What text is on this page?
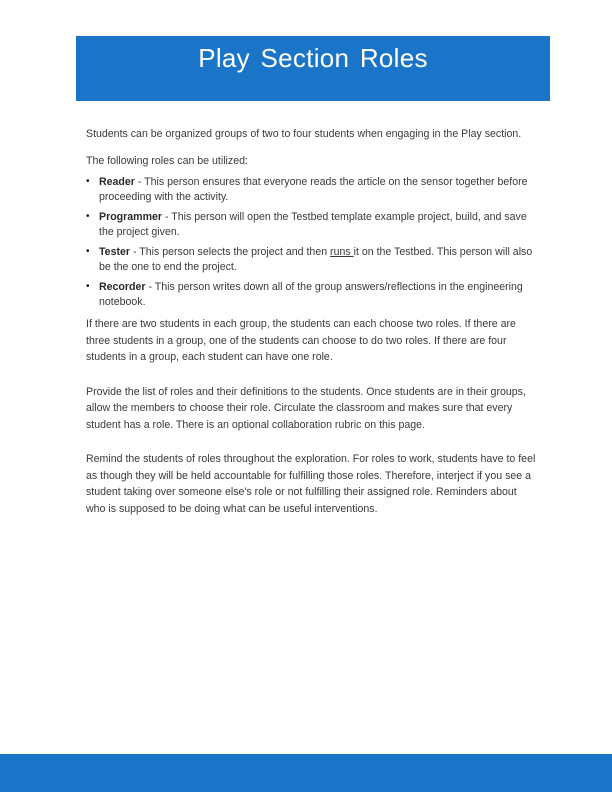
Play Section Roles

Students can be organized groups of two to four students when engaging in the Play section.

The following roles can be utilized:

• Reader - This person ensures that everyone reads the article on the sensor together before proceeding with the activity.
• Programmer - This person will open the Testbed template example project, build, and save the project given.
• Tester - This person selects the project and then runs it on the Testbed. This person will also be the one to end the project.
• Recorder - This person writes down all of the group answers/reflections in the engineering notebook.

If there are two students in each group, the students can each choose two roles. If there are three students in a group, one of the students can choose to do two roles. If there are four students in a group, each student can have one role.

Provide the list of roles and their definitions to the students. Once students are in their groups, allow the members to choose their role. Circulate the classroom and makes sure that every student has a role. There is an optional collaboration rubric on this page.

Remind the students of roles throughout the exploration. For roles to work, students have to feel as though they will be held accountable for fulfilling those roles. Therefore, interject if you see a student taking over someone else's role or not fulfilling their assigned role. Reminders about who is supposed to be doing what can be useful interventions.
